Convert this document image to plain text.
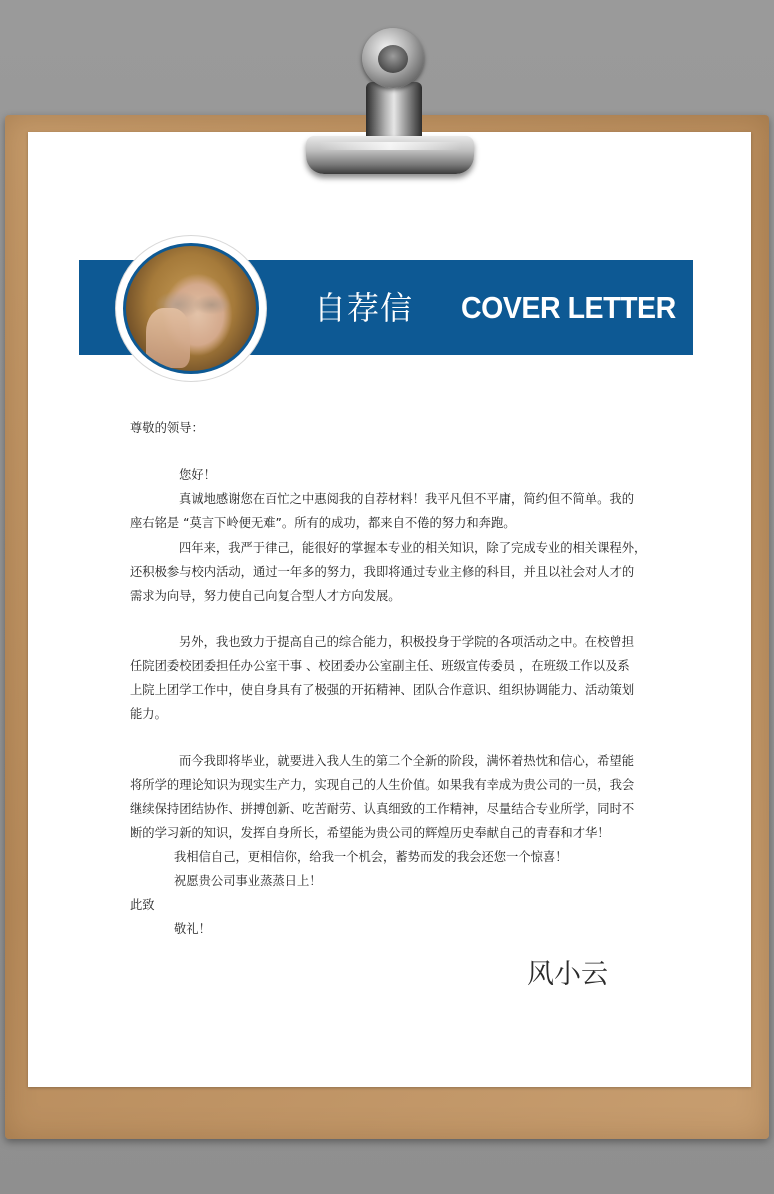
自荐信 COVER LETTER
尊敬的领导：
您好！
真诚地感谢您在百忙之中惠阅我的自荐材料！我平凡但不平庸，简约但不简单。我的
座右铭是 “莫言下岭便无难”。所有的成功，都来自不倦的努力和奔跑。
四年来，我严于律己，能很好的掌握本专业的相关知识，除了完成专业的相关课程外，
还积极参与校内活动，通过一年多的努力，我即将通过专业主修的科目，并且以社会对人才的
需求为向导，努力使自己向复合型人才方向发展。
另外，我也致力于提高自己的综合能力，积极投身于学院的各项活动之中。在校曾担
任院团委校团委担任办公室干事 、校团委办公室副主任、班级宣传委员 ，在班级工作以及系
上院上团学工作中，使自身具有了极强的开拓精神、团队合作意识、组织协调能力、活动策划
能力。
而今我即将毕业，就要进入我人生的第二个全新的阶段，满怀着热忱和信心，希望能
将所学的理论知识为现实生产力，实现自己的人生价值。如果我有幸成为贵公司的一员，我会
继续保持团结协作、拼搏创新、吃苦耐劳、认真细致的工作精神，尽量结合专业所学，同时不
断的学习新的知识，发挥自身所长，希望能为贵公司的辉煌历史奉献自己的青春和才华！
我相信自己，更相信你，给我一个机会，蓄势而发的我会还您一个惊喜！
祝愿贵公司事业蒸蒸日上！
此致
敬礼！
风小云
